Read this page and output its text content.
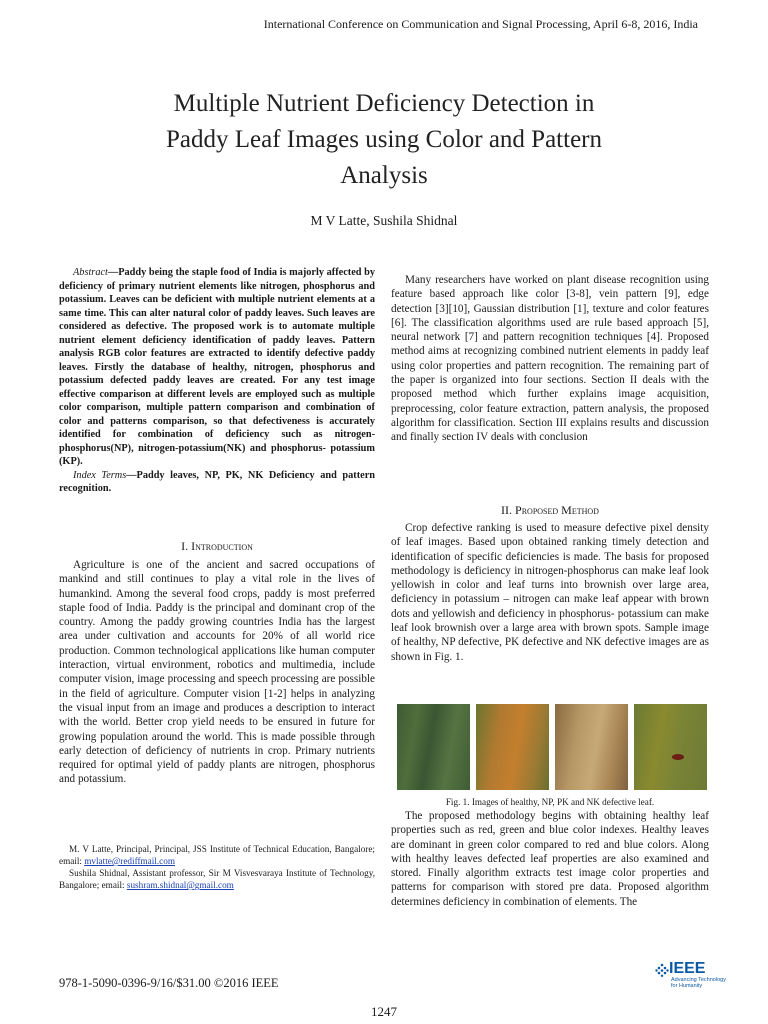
International Conference on Communication and Signal Processing, April 6-8, 2016, India
Multiple Nutrient Deficiency Detection in
Paddy Leaf Images using Color and Pattern
Analysis
M V Latte, Sushila Shidnal

Abstract—Paddy being the staple food of India is majorly affected by deficiency of primary nutrient elements like nitrogen, phosphorus and potassium. Leaves can be deficient with multiple nutrient elements at a same time. This can alter natural color of paddy leaves. Such leaves are considered as defective. The proposed work is to automate multiple nutrient element deficiency identification of paddy leaves. Pattern analysis RGB color features are extracted to identify defective paddy leaves. Firstly the database of healthy, nitrogen, phosphorus and potassium defected paddy leaves are created. For any test image effective comparison at different levels are employed such as multiple color comparison, multiple pattern comparison and combination of color and patterns comparison, so that defectiveness is accurately identified for combination of deficiency such as nitrogen-phosphorus(NP), nitrogen-potassium(NK) and phosphorus- potassium (KP).

Index Terms—Paddy leaves, NP, PK, NK Deficiency and pattern recognition.

I. Introduction

Agriculture is one of the ancient and sacred occupations of mankind and still continues to play a vital role in the lives of humankind. Among the several food crops, paddy is most preferred staple food of India. Paddy is the principal and dominant crop of the country. Among the paddy growing countries India has the largest area under cultivation and accounts for 20% of all world rice production. Common technological applications like human computer interaction, virtual environment, robotics and multimedia, include computer vision, image processing and speech processing are possible in the field of agriculture. Computer vision [1-2] helps in analyzing the visual input from an image and produces a description to interact with the world. Better crop yield needs to be ensured in future for growing population around the world. This is made possible through early detection of deficiency of nutrients in crop. Primary nutrients required for optimal yield of paddy plants are nitrogen, phosphorus and potassium.

M. V Latte, Principal, Principal, JSS Institute of Technical Education, Bangalore; email: mvlatte@rediffmail.com
Sushila Shidnal, Assistant professor, Sir M Visvesvaraya Institute of Technology, Bangalore; email: sushram.shidnal@gmail.com

Many researchers have worked on plant disease recognition using feature based approach like color [3-8], vein pattern [9], edge detection [3][10], Gaussian distribution [1], texture and color features [6]. The classification algorithms used are rule based approach [5], neural network [7] and pattern recognition techniques [4]. Proposed method aims at recognizing combined nutrient elements in paddy leaf using color properties and pattern recognition. The remaining part of the paper is organized into four sections. Section II deals with the proposed method which further explains image acquisition, preprocessing, color feature extraction, pattern analysis, the proposed algorithm for classification. Section III explains results and discussion and finally section IV deals with conclusion

II. Proposed Method

Crop defective ranking is used to measure defective pixel density of leaf images. Based upon obtained ranking timely detection and identification of specific deficiencies is made. The basis for proposed methodology is deficiency in nitrogen-phosphorus can make leaf look yellowish in color and leaf turns into brownish over large area, deficiency in potassium – nitrogen can make leaf appear with brown dots and yellowish and deficiency in phosphorus- potassium can make leaf look brownish over a large area with brown spots. Sample image of healthy, NP defective, PK defective and NK defective images are as shown in Fig. 1.

Fig. 1. Images of healthy, NP, PK and NK defective leaf.

The proposed methodology begins with obtaining healthy leaf properties such as red, green and blue color indexes. Healthy leaves are dominant in green color compared to red and blue colors. Along with healthy leaves defected leaf properties are also examined and stored. Finally algorithm extracts test image color properties and patterns for comparison with stored pre data. Proposed algorithm determines deficiency in combination of elements. The

978-1-5090-0396-9/16/$31.00 ©2016 IEEE
IEEE
Advancing Technology
for Humanity
1247
